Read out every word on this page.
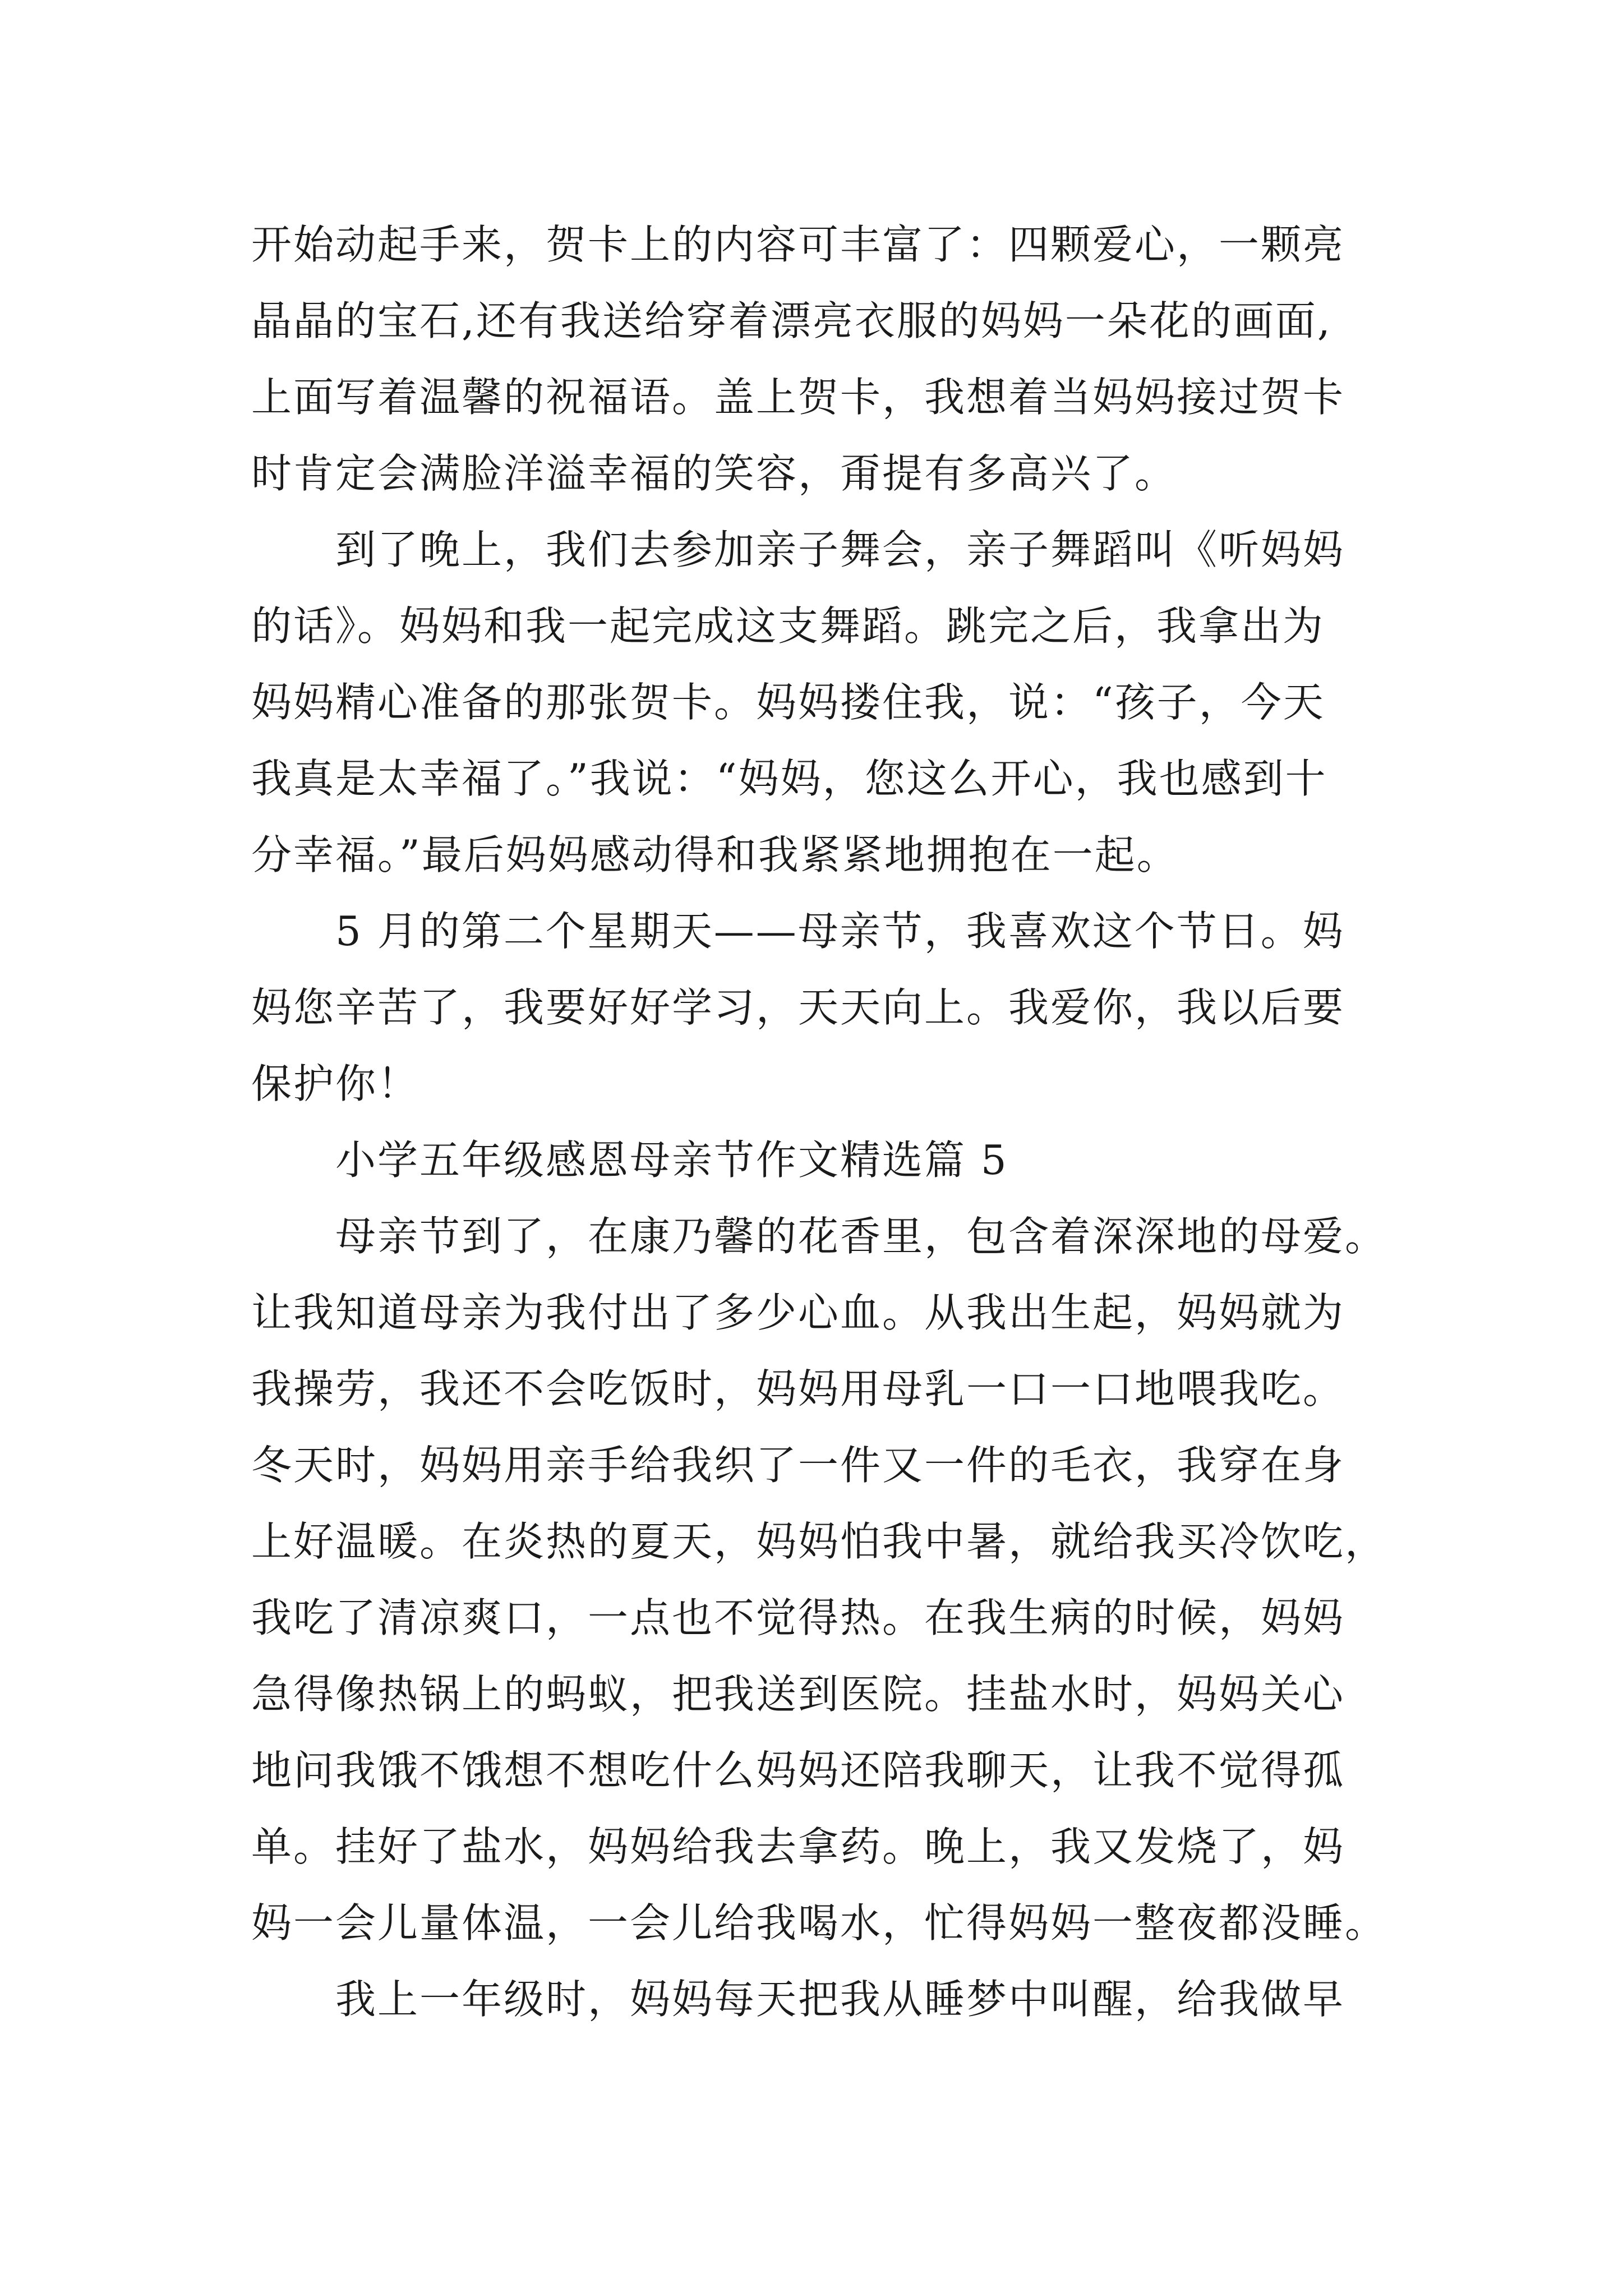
开始动起手来，贺卡上的内容可丰富了：四颗爱心，一颗亮
晶晶的宝石,还有我送给穿着漂亮衣服的妈妈一朵花的画面,
上面写着温馨的祝福语。盖上贺卡，我想着当妈妈接过贺卡
时肯定会满脸洋溢幸福的笑容，甭提有多高兴了。
到了晚上，我们去参加亲子舞会，亲子舞蹈叫《听妈妈
的话》。妈妈和我一起完成这支舞蹈。跳完之后，我拿出为
妈妈精心准备的那张贺卡。妈妈搂住我，说：“孩子，今天
我真是太幸福了。”我说：“妈妈，您这么开心，我也感到十
分幸福。”最后妈妈感动得和我紧紧地拥抱在一起。
5 月的第二个星期天——母亲节，我喜欢这个节日。妈
妈您辛苦了，我要好好学习，天天向上。我爱你，我以后要
保护你！
小学五年级感恩母亲节作文精选篇 5
母亲节到了，在康乃馨的花香里，包含着深深地的母爱。
让我知道母亲为我付出了多少心血。从我出生起，妈妈就为
我操劳，我还不会吃饭时，妈妈用母乳一口一口地喂我吃。
冬天时，妈妈用亲手给我织了一件又一件的毛衣，我穿在身
上好温暖。在炎热的夏天，妈妈怕我中暑，就给我买冷饮吃，
我吃了清凉爽口，一点也不觉得热。在我生病的时候，妈妈
急得像热锅上的蚂蚁，把我送到医院。挂盐水时，妈妈关心
地问我饿不饿想不想吃什么妈妈还陪我聊天，让我不觉得孤
单。挂好了盐水，妈妈给我去拿药。晚上，我又发烧了，妈
妈一会儿量体温，一会儿给我喝水，忙得妈妈一整夜都没睡。
我上一年级时，妈妈每天把我从睡梦中叫醒，给我做早
